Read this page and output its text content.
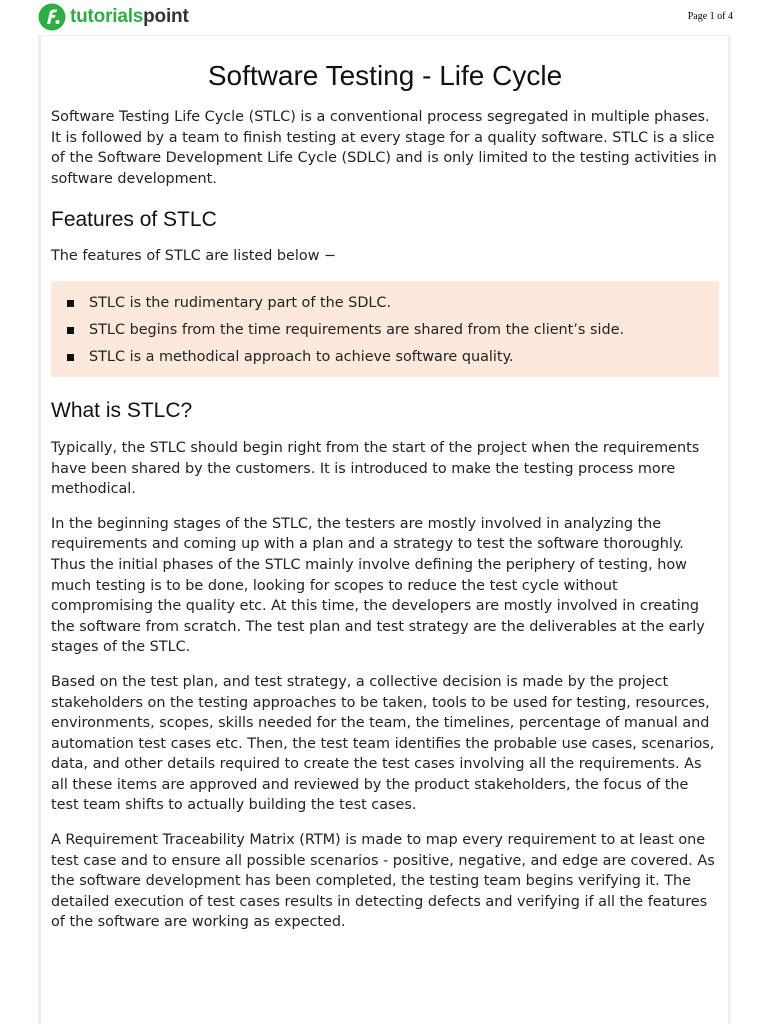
tutorialspoint	Page 1 of 4
Software Testing - Life Cycle

Software Testing Life Cycle (STLC) is a conventional process segregated in multiple phases. It is followed by a team to finish testing at every stage for a quality software. STLC is a slice of the Software Development Life Cycle (SDLC) and is only limited to the testing activities in software development.

Features of STLC

The features of STLC are listed below −

STLC is the rudimentary part of the SDLC.
STLC begins from the time requirements are shared from the client’s side.
STLC is a methodical approach to achieve software quality.
What is STLC?

Typically, the STLC should begin right from the start of the project when the requirements have been shared by the customers. It is introduced to make the testing process more methodical.

In the beginning stages of the STLC, the testers are mostly involved in analyzing the requirements and coming up with a plan and a strategy to test the software thoroughly. Thus the initial phases of the STLC mainly involve defining the periphery of testing, how much testing is to be done, looking for scopes to reduce the test cycle without compromising the quality etc. At this time, the developers are mostly involved in creating the software from scratch. The test plan and test strategy are the deliverables at the early stages of the STLC.

Based on the test plan, and test strategy, a collective decision is made by the project stakeholders on the testing approaches to be taken, tools to be used for testing, resources, environments, scopes, skills needed for the team, the timelines, percentage of manual and automation test cases etc. Then, the test team identifies the probable use cases, scenarios, data, and other details required to create the test cases involving all the requirements. As all these items are approved and reviewed by the product stakeholders, the focus of the test team shifts to actually building the test cases.

A Requirement Traceability Matrix (RTM) is made to map every requirement to at least one test case and to ensure all possible scenarios - positive, negative, and edge are covered. As the software development has been completed, the testing team begins verifying it. The detailed execution of test cases results in detecting defects and verifying if all the features of the software are working as expected.
